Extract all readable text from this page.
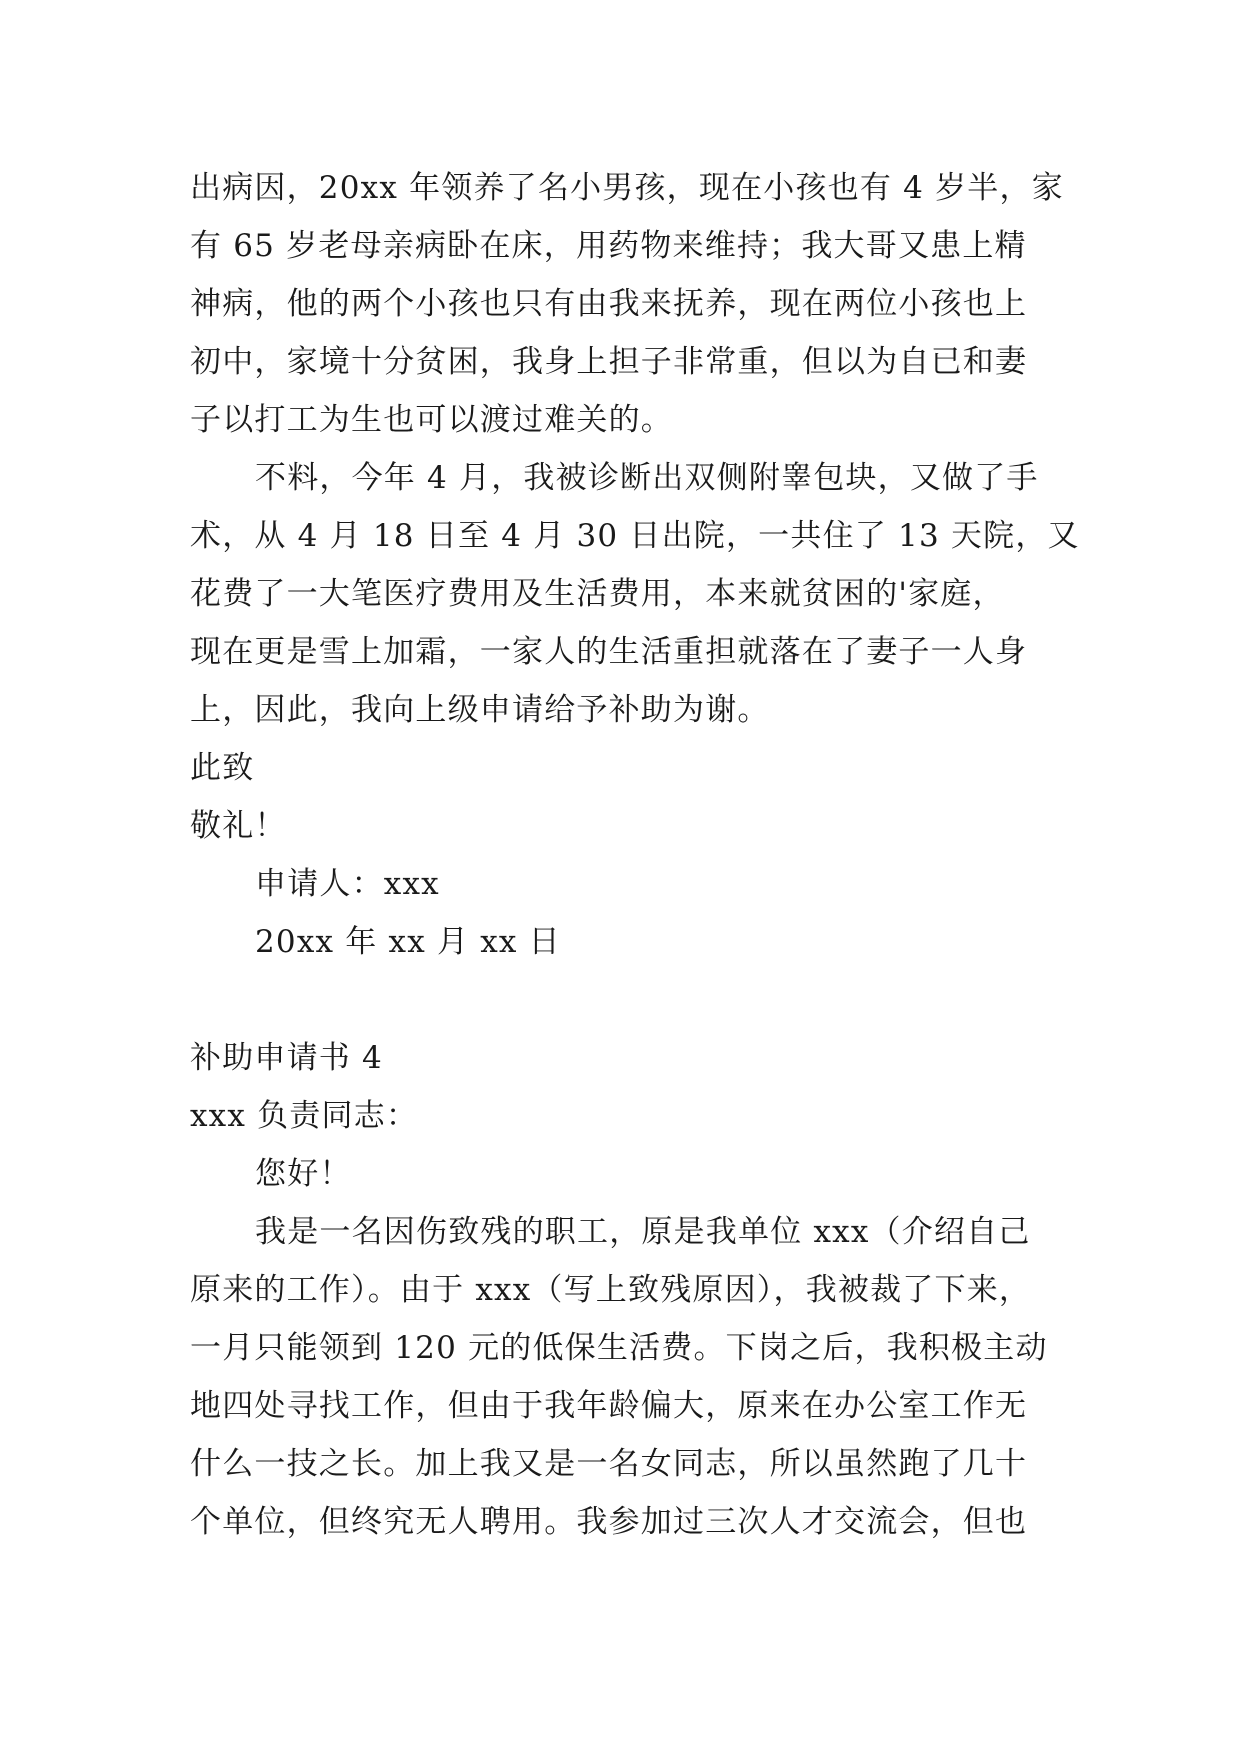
出病因，20xx 年领养了名小男孩，现在小孩也有 4 岁半，家
有 65 岁老母亲病卧在床，用药物来维持；我大哥又患上精
神病，他的两个小孩也只有由我来抚养，现在两位小孩也上
初中，家境十分贫困，我身上担子非常重，但以为自已和妻
子以打工为生也可以渡过难关的。
不料，今年 4 月，我被诊断出双侧附睾包块，又做了手
术，从 4 月 18 日至 4 月 30 日出院，一共住了 13 天院，又
花费了一大笔医疗费用及生活费用，本来就贫困的'家庭，
现在更是雪上加霜，一家人的生活重担就落在了妻子一人身
上，因此，我向上级申请给予补助为谢。
此致
敬礼！
申请人：xxx
20xx 年 xx 月 xx 日
补助申请书 4
xxx 负责同志：
您好！
我是一名因伤致残的职工，原是我单位 xxx（介绍自己
原来的工作）。由于 xxx（写上致残原因），我被裁了下来，
一月只能领到 120 元的低保生活费。下岗之后，我积极主动
地四处寻找工作，但由于我年龄偏大，原来在办公室工作无
什么一技之长。加上我又是一名女同志，所以虽然跑了几十
个单位，但终究无人聘用。我参加过三次人才交流会，但也
